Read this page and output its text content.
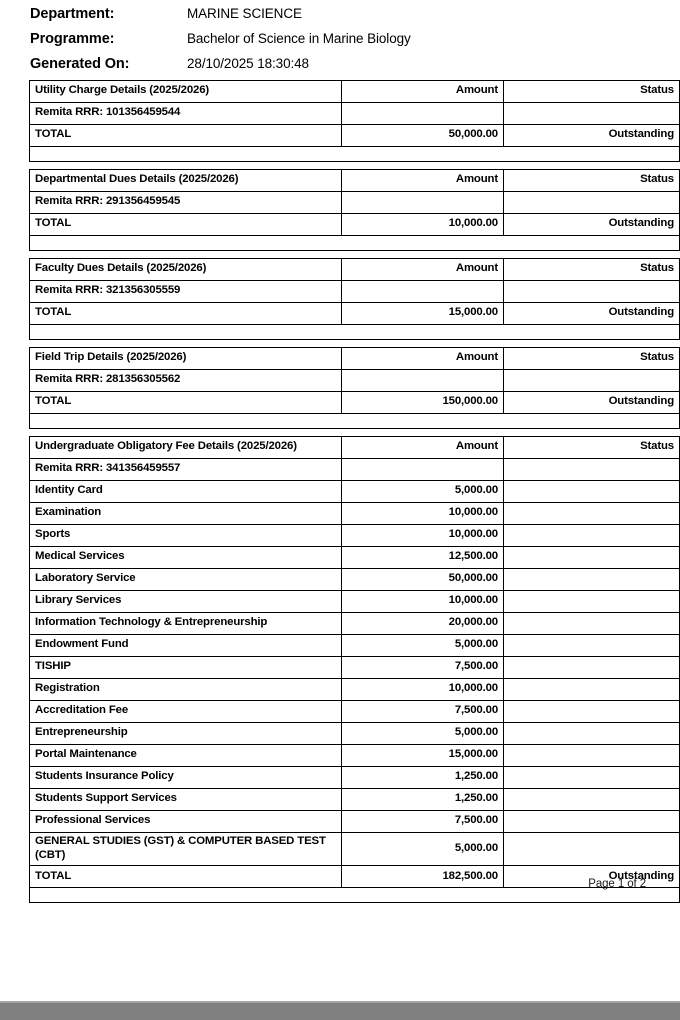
Department:	MARINE SCIENCE
Programme:	Bachelor of Science in Marine Biology
Generated On:	28/10/2025 18:30:48
Utility Charge Details (2025/2026)	Amount	Status
Remita RRR: 101356459544		
TOTAL	50,000.00	Outstanding

Departmental Dues Details (2025/2026)	Amount	Status
Remita RRR: 291356459545		
TOTAL	10,000.00	Outstanding

Faculty Dues Details (2025/2026)	Amount	Status
Remita RRR: 321356305559		
TOTAL	15,000.00	Outstanding

Field Trip Details (2025/2026)	Amount	Status
Remita RRR: 281356305562		
TOTAL	150,000.00	Outstanding

Undergraduate Obligatory Fee Details (2025/2026)	Amount	Status
Remita RRR: 341356459557		
Identity Card	5,000.00	
Examination	10,000.00	
Sports	10,000.00	
Medical Services	12,500.00	
Laboratory Service	50,000.00	
Library Services	10,000.00	
Information Technology & Entrepreneurship	20,000.00	
Endowment Fund	5,000.00	
TISHIP	7,500.00	
Registration	10,000.00	
Accreditation Fee	7,500.00	
Entrepreneurship	5,000.00	
Portal Maintenance	15,000.00	
Students Insurance Policy	1,250.00	
Students Support Services	1,250.00	
Professional Services	7,500.00	
GENERAL STUDIES (GST) & COMPUTER BASED TEST (CBT)	5,000.00	
TOTAL	182,500.00	Outstanding

Page 1 of 2
